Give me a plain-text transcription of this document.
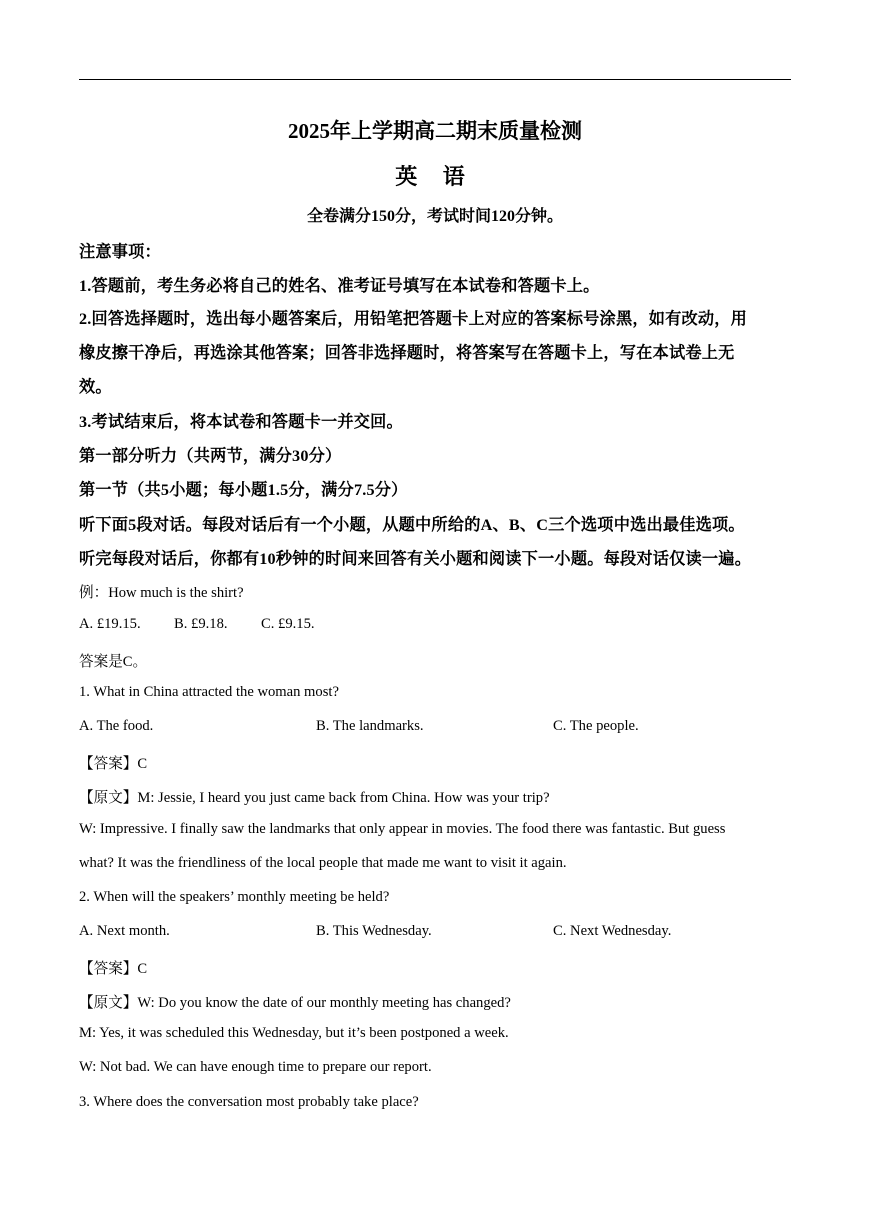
2025年上学期高二期末质量检测
英 语
全卷满分150分，考试时间120分钟。
注意事项：
1.答题前，考生务必将自己的姓名、准考证号填写在本试卷和答题卡上。
2.回答选择题时，选出每小题答案后，用铅笔把答题卡上对应的答案标号涂黑，如有改动，用
橡皮擦干净后，再选涂其他答案；回答非选择题时，将答案写在答题卡上，写在本试卷上无
效。
3.考试结束后，将本试卷和答题卡一并交回。
第一部分听力（共两节，满分30分）
第一节（共5小题；每小题1.5分，满分7.5分）
听下面5段对话。每段对话后有一个小题，从题中所给的A、B、C三个选项中选出最佳选项。
听完每段对话后，你都有10秒钟的时间来回答有关小题和阅读下一小题。每段对话仅读一遍。
例：How much is the shirt?
A. £19.15. B. £9.18. C. £9.15.
答案是C。
1. What in China attracted the woman most?
A. The food.	B. The landmarks.	C. The people.
【答案】C
【原文】M: Jessie, I heard you just came back from China. How was your trip?
W: Impressive. I finally saw the landmarks that only appear in movies. The food there was fantastic. But guess
what? It was the friendliness of the local people that made me want to visit it again.
2. When will the speakers’ monthly meeting be held?
A. Next month.	B. This Wednesday.	C. Next Wednesday.
【答案】C
【原文】W: Do you know the date of our monthly meeting has changed?
M: Yes, it was scheduled this Wednesday, but it’s been postponed a week.
W: Not bad. We can have enough time to prepare our report.
3. Where does the conversation most probably take place?
